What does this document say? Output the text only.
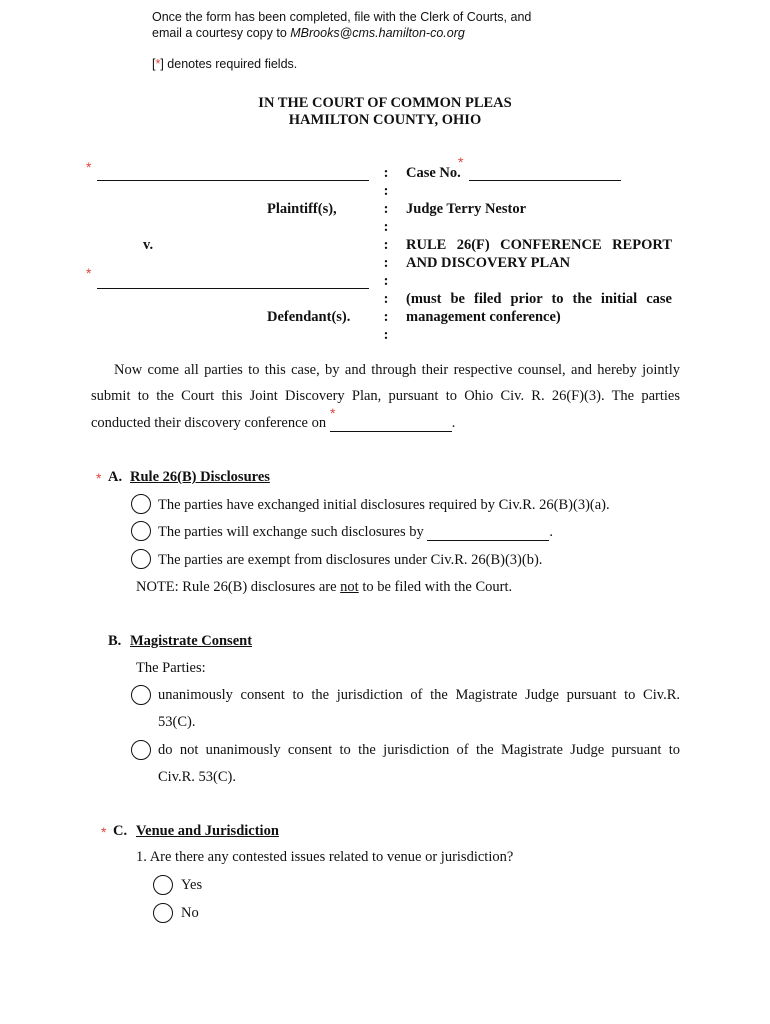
Once the form has been completed, file with the Clerk of Courts, and
email a courtesy copy to MBrooks@cms.hamilton-co.org
[*] denotes required fields.
IN THE COURT OF COMMON PLEAS
HAMILTON COUNTY, OHIO
*
Plaintiff(s),
v.
*
Defendant(s).
:
:
:
:
:
:
:
:
:
:
*
Case No.
Judge Terry Nestor
RULE 26(F) CONFERENCE REPORT
AND DISCOVERY PLAN
(must be filed prior to the initial case
management conference)
Now come all parties to this case, by and through their respective counsel, and hereby jointly
submit to the Court this Joint Discovery Plan, pursuant to Ohio Civ. R. 26(F)(3). The parties
*
conducted their discovery conference on	.
* A. Rule 26(B) Disclosures
The parties have exchanged initial disclosures required by Civ.R. 26(B)(3)(a).
The parties will exchange such disclosures by	.
The parties are exempt from disclosures under Civ.R. 26(B)(3)(b).
NOTE: Rule 26(B) disclosures are not to be filed with the Court.
B. Magistrate Consent
The Parties:
unanimously consent to the jurisdiction of the Magistrate Judge pursuant to Civ.R.
53(C).
do not unanimously consent to the jurisdiction of the Magistrate Judge pursuant to
Civ.R. 53(C).
* C. Venue and Jurisdiction
1. Are there any contested issues related to venue or jurisdiction?
Yes
No
